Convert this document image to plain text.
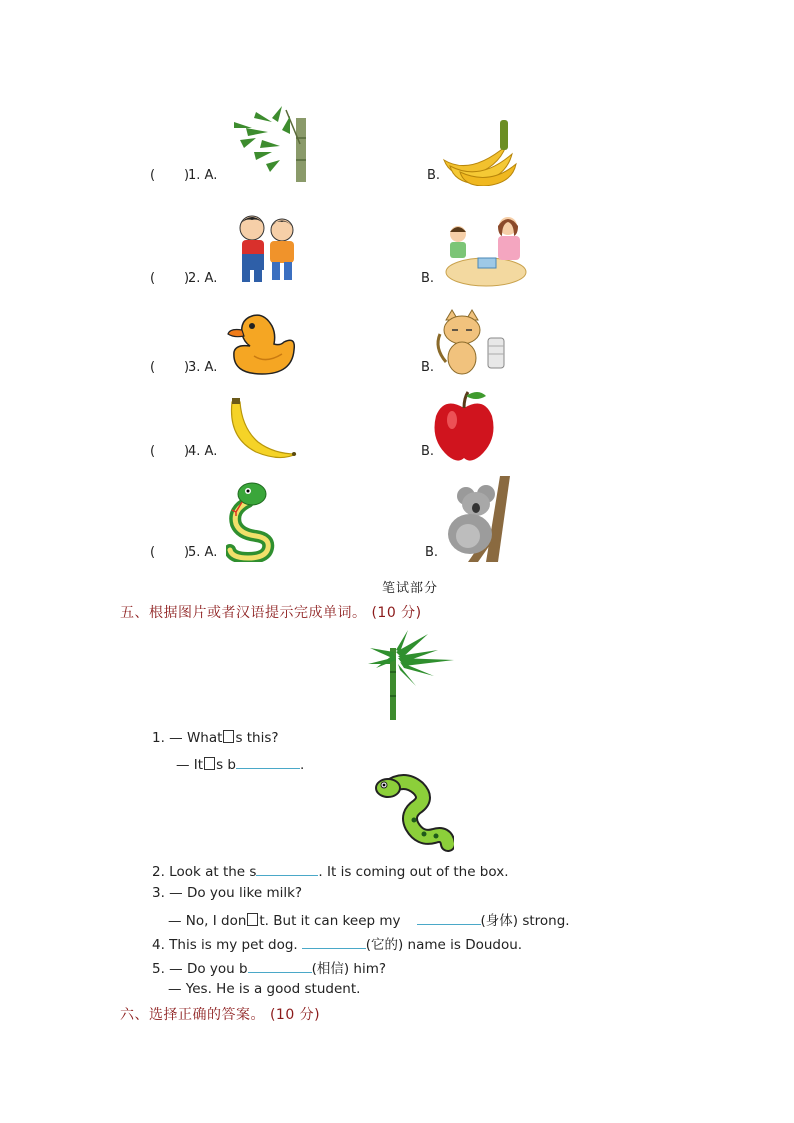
(       )
1. A.	B.
(       )
2. A.	B.
(       )
3. A.	B.
(       )
4. A.	B.
(       )
5. A.	B.
笔试部分
五、根据图片或者汉语提示完成单词。 (10 分)
1. — What s this?
— It s b	.
2. Look at the s	. It is coming out of the box.
3. — Do you like milk?
— No, I don t. But it can keep my	(身体) strong.
4. This is my pet dog.	(它的) name is Doudou.
5. — Do you b	(相信) him?
— Yes. He is a good student.
六、选择正确的答案。 (10 分)
